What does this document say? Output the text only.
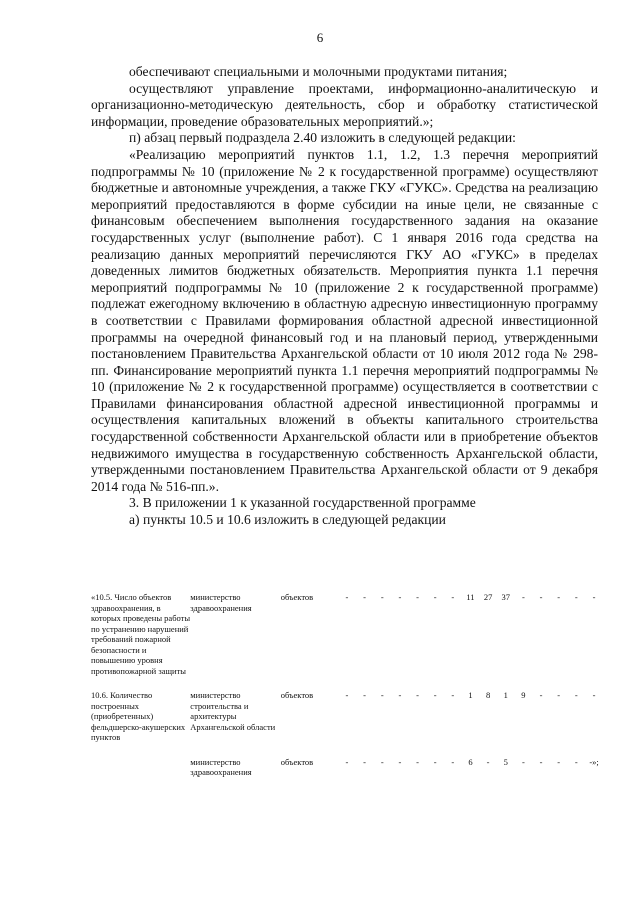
6

обеспечивают специальными и молочными продуктами питания;

осуществляют управление проектами, информационно-аналитическую и организационно-методическую деятельность, сбор и обработку статистической информации, проведение образовательных мероприятий.»;

п) абзац первый подраздела 2.40 изложить в следующей редакции:

«Реализацию мероприятий пунктов 1.1, 1.2, 1.3 перечня мероприятий подпрограммы № 10 (приложение № 2 к государственной программе) осуществляют бюджетные и автономные учреждения, а также ГКУ «ГУКС». Средства на реализацию мероприятий предоставляются в форме субсидии на иные цели, не связанные с финансовым обеспечением выполнения государственного задания на оказание государственных услуг (выполнение работ). С 1 января 2016 года средства на реализацию данных мероприятий перечисляются ГКУ АО «ГУКС» в пределах доведенных лимитов бюджетных обязательств. Мероприятия пункта 1.1 перечня мероприятий подпрограммы № 10 (приложение 2 к государственной программе) подлежат ежегодному включению в областную адресную инвестиционную программу в соответствии с Правилами формирования областной адресной инвестиционной программы на очередной финансовый год и на плановый период, утвержденными постановлением Правительства Архангельской области от 10 июля 2012 года № 298-пп. Финансирование мероприятий пункта 1.1 перечня мероприятий подпрограммы № 10 (приложение № 2 к государственной программе) осуществляется в соответствии с Правилами финансирования областной адресной инвестиционной программы и осуществления капитальных вложений в объекты капитального строительства государственной собственности Архангельской области или в приобретение объектов недвижимого имущества в государственную собственность Архангельской области, утвержденными постановлением Правительства Архангельской области от 9 декабря 2014 года № 516-пп.».

3. В приложении 1 к указанной государственной программе

а) пункты 10.5 и 10.6 изложить в следующей редакции

«10.5. Число объектов здравоохранения, в которых проведены работы по устранению нарушений требований пожарной безопасности и повышению уровня противопожарной защиты	министерство здравоохранения	объектов	-	-	-	-	-	-	-	11	27	37	-	-	-	-	-

10.6. Количество построенных (приобретенных) фельдшерско-акушерских пунктов	министерство строительства и архитектуры Архангельской области	объектов	-	-	-	-	-	-	-	1	8	1	9	-	-	-	-

	министерство здравоохранения	объектов	-	-	-	-	-	-	-	6	-	5	-	-	-	-	-»;
